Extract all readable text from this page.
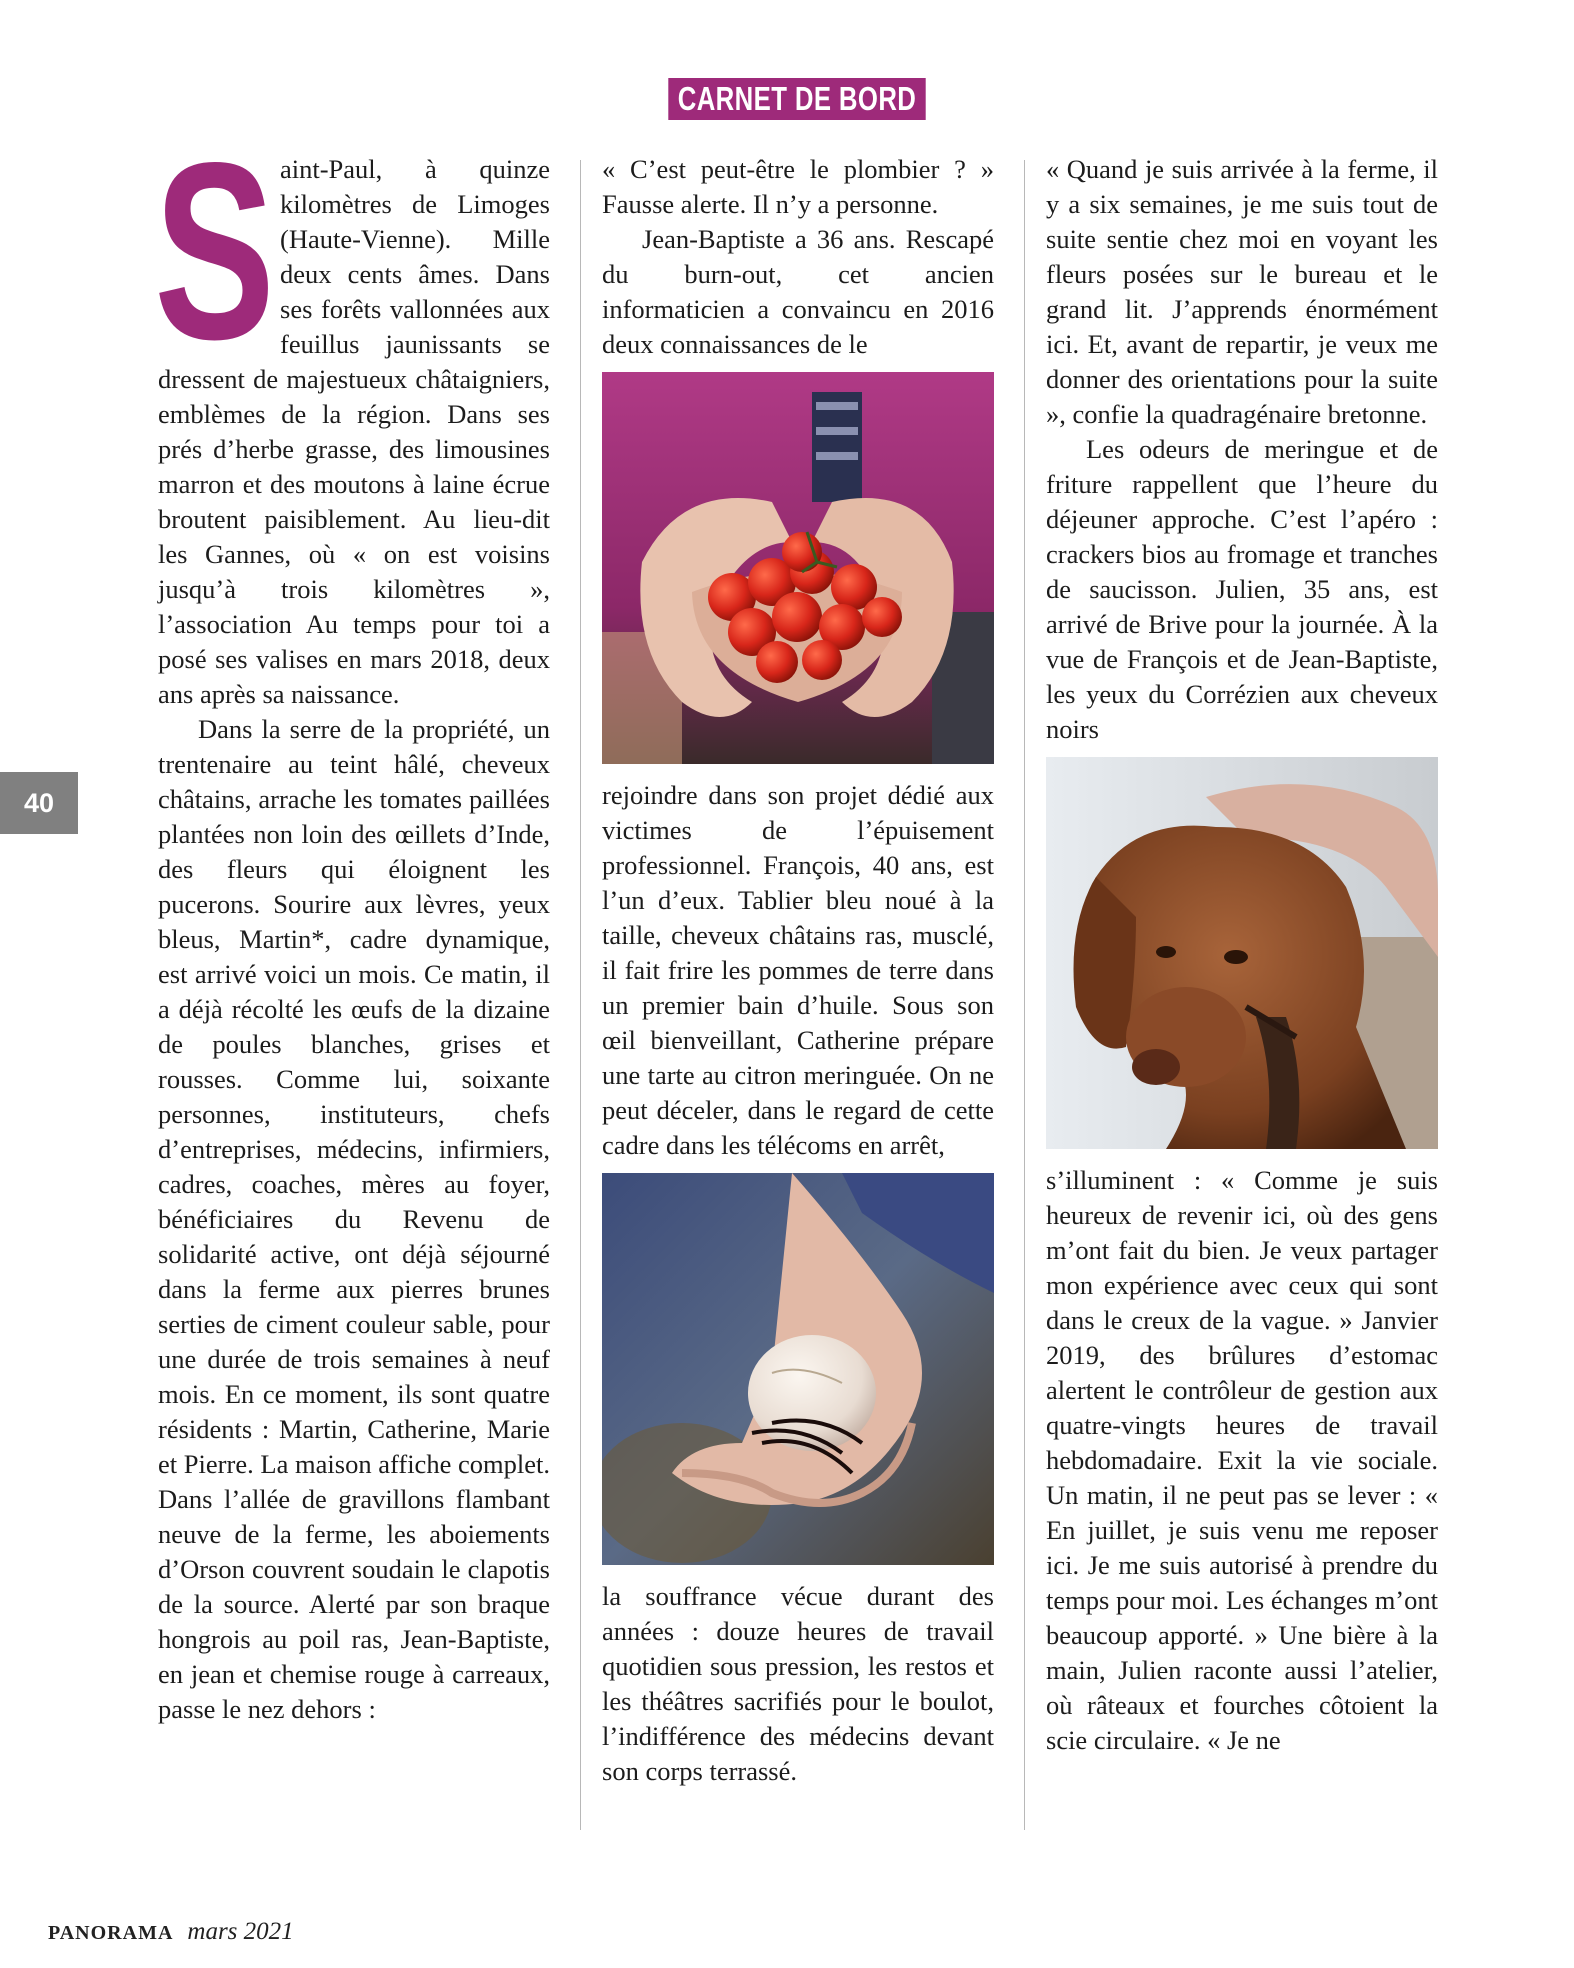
CARNET DE BORD
S aint-Paul, à quinze kilomètres de Limoges (Haute-Vienne). Mille deux cents âmes. Dans ses forêts vallonnées aux feuillus jaunissants se dressent de majestueux châtaigniers, emblèmes de la région. Dans ses prés d’herbe grasse, des limousines marron et des moutons à laine écrue broutent paisiblement. Au lieu-dit les Gannes, où « on est voisins jusqu’à trois kilomètres », l’association Au temps pour toi a posé ses valises en mars 2018, deux ans après sa naissance.

Dans la serre de la propriété, un trentenaire au teint hâlé, cheveux châtains, arrache les tomates paillées plantées non loin des œillets d’Inde, des fleurs qui éloignent les pucerons. Sourire aux lèvres, yeux bleus, Martin*, cadre dynamique, est arrivé voici un mois. Ce matin, il a déjà récolté les œufs de la dizaine de poules blanches, grises et rousses. Comme lui, soixante personnes, instituteurs, chefs d’entreprises, médecins, infirmiers, cadres, coaches, mères au foyer, bénéficiaires du Revenu de solidarité active, ont déjà séjourné dans la ferme aux pierres brunes serties de ciment couleur sable, pour une durée de trois semaines à neuf mois. En ce moment, ils sont quatre résidents : Martin, Catherine, Marie et Pierre. La maison affiche complet. Dans l’allée de gravillons flambant neuve de la ferme, les aboiements d’Orson couvrent soudain le clapotis de la source. Alerté par son braque hongrois au poil ras, Jean-Baptiste, en jean et chemise rouge à carreaux, passe le nez dehors :

« C’est peut-être le plombier ? » Fausse alerte. Il n’y a personne.

Jean-Baptiste a 36 ans. Rescapé du burn-out, cet ancien informaticien a convaincu en 2016 deux connaissances de le

rejoindre dans son projet dédié aux victimes de l’épuisement professionnel. François, 40 ans, est l’un d’eux. Tablier bleu noué à la taille, cheveux châtains ras, musclé, il fait frire les pommes de terre dans un premier bain d’huile. Sous son œil bienveillant, Catherine prépare une tarte au citron meringuée. On ne peut déceler, dans le regard de cette cadre dans les télécoms en arrêt,

la souffrance vécue durant des années : douze heures de travail quotidien sous pression, les restos et les théâtres sacrifiés pour le boulot, l’indifférence des médecins devant son corps terrassé.

« Quand je suis arrivée à la ferme, il y a six semaines, je me suis tout de suite sentie chez moi en voyant les fleurs posées sur le bureau et le grand lit. J’apprends énormément ici. Et, avant de repartir, je veux me donner des orientations pour la suite », confie la quadragénaire bretonne.

Les odeurs de meringue et de friture rappellent que l’heure du déjeuner approche. C’est l’apéro : crackers bios au fromage et tranches de saucisson. Julien, 35 ans, est arrivé de Brive pour la journée. À la vue de François et de Jean-Baptiste, les yeux du Corrézien aux cheveux noirs

s’illuminent : « Comme je suis heureux de revenir ici, où des gens m’ont fait du bien. Je veux partager mon expérience avec ceux qui sont dans le creux de la vague. » Janvier 2019, des brûlures d’estomac alertent le contrôleur de gestion aux quatre-vingts heures de travail hebdomadaire. Exit la vie sociale. Un matin, il ne peut pas se lever : « En juillet, je suis venu me reposer ici. Je me suis autorisé à prendre du temps pour moi. Les échanges m’ont beaucoup apporté. » Une bière à la main, Julien raconte aussi l’atelier, où râteaux et fourches côtoient la scie circulaire. « Je ne

40
PANORAMA mars 2021
